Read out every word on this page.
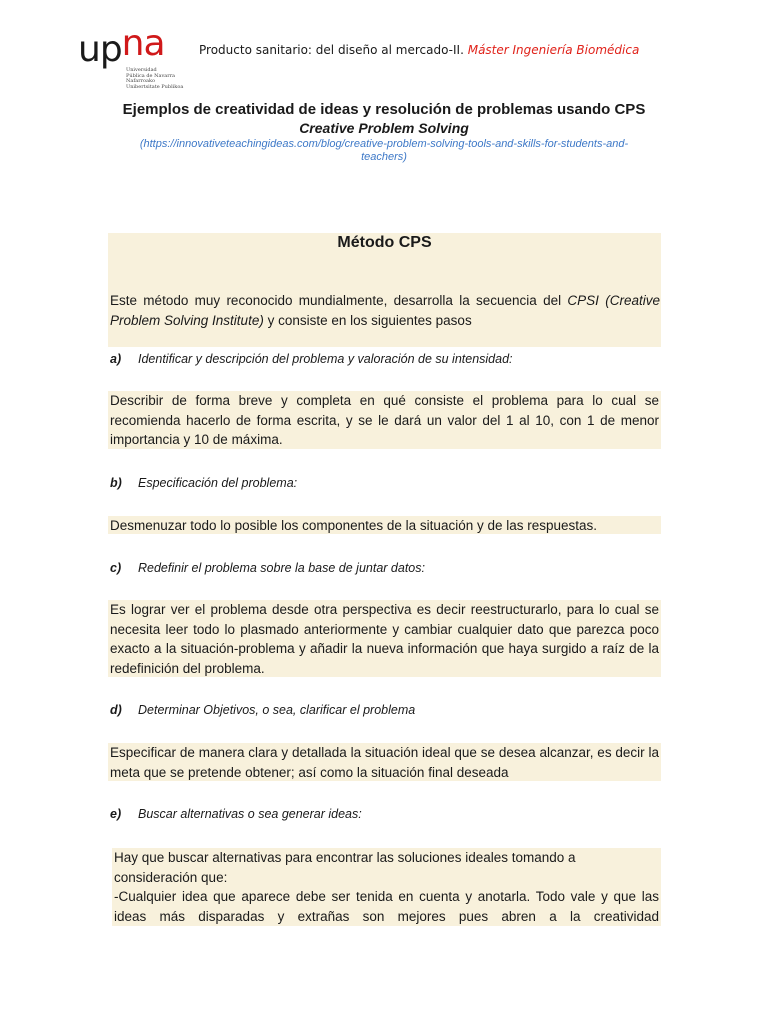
upna
Universidad
Pública de Navarra
Nafarroako
Unibertsitate Publikoa
Producto sanitario: del diseño al mercado-II. Máster Ingeniería Biomédica
Ejemplos de creatividad de ideas y resolución de problemas usando CPS
Creative Problem Solving
(https://innovativeteachingideas.com/blog/creative-problem-solving-tools-and-skills-for-students-and-teachers)
Método CPS
Este método muy reconocido mundialmente, desarrolla la secuencia del CPSI (Creative Problem Solving Institute) y consiste en los siguientes pasos
a) Identificar y descripción del problema y valoración de su intensidad:
Describir de forma breve y completa en qué consiste el problema para lo cual se recomienda hacerlo de forma escrita, y se le dará un valor del 1 al 10, con 1 de menor importancia y 10 de máxima.
b) Especificación del problema:
Desmenuzar todo lo posible los componentes de la situación y de las respuestas.
c) Redefinir el problema sobre la base de juntar datos:
Es lograr ver el problema desde otra perspectiva es decir reestructurarlo, para lo cual se necesita leer todo lo plasmado anteriormente y cambiar cualquier dato que parezca poco exacto a la situación-problema y añadir la nueva información que haya surgido a raíz de la redefinición del problema.
d) Determinar Objetivos, o sea, clarificar el problema
Especificar de manera clara y detallada la situación ideal que se desea alcanzar, es decir la meta que se pretende obtener; así como la situación final deseada
e) Buscar alternativas o sea generar ideas:
Hay que buscar alternativas para encontrar las soluciones ideales tomando a consideración que:
-Cualquier idea que aparece debe ser tenida en cuenta y anotarla. Todo vale y que las ideas más disparadas y extrañas son mejores pues abren a la creatividad
